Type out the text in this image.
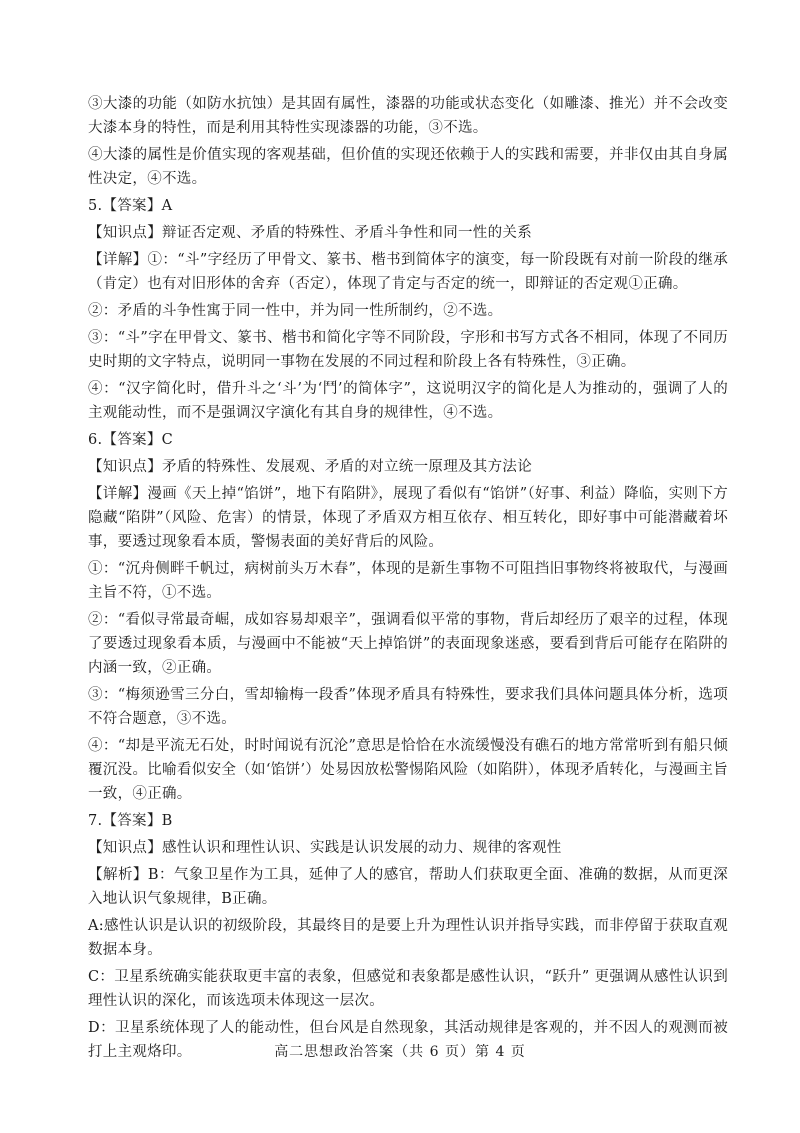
③大漆的功能（如防水抗蚀）是其固有属性，漆器的功能或状态变化（如雕漆、推光）并不会改变大漆本身的特性，而是利用其特性实现漆器的功能，③不选。

④大漆的属性是价值实现的客观基础，但价值的实现还依赖于人的实践和需要，并非仅由其自身属性决定，④不选。

5.【答案】A

【知识点】辩证否定观、矛盾的特殊性、矛盾斗争性和同一性的关系

【详解】①：“斗”字经历了甲骨文、篆书、楷书到简体字的演变，每一阶段既有对前一阶段的继承（肯定）也有对旧形体的舍弃（否定），体现了肯定与否定的统一，即辩证的否定观①正确。

②：矛盾的斗争性寓于同一性中，并为同一性所制约，②不选。

③：“斗”字在甲骨文、篆书、楷书和简化字等不同阶段，字形和书写方式各不相同，体现了不同历史时期的文字特点，说明同一事物在发展的不同过程和阶段上各有特殊性，③正确。

④：“汉字简化时，借升斗之‘斗’为‘鬥’的简体字”，这说明汉字的简化是人为推动的，强调了人的主观能动性，而不是强调汉字演化有其自身的规律性，④不选。

6.【答案】C

【知识点】矛盾的特殊性、发展观、矛盾的对立统一原理及其方法论

【详解】漫画《天上掉“馅饼”，地下有陷阱》，展现了看似有“馅饼”（好事、利益）降临，实则下方隐藏“陷阱”（风险、危害）的情景，体现了矛盾双方相互依存、相互转化，即好事中可能潜藏着坏事，要透过现象看本质，警惕表面的美好背后的风险。

①：“沉舟侧畔千帆过，病树前头万木春”，体现的是新生事物不可阻挡旧事物终将被取代，与漫画主旨不符，①不选。

②：“看似寻常最奇崛，成如容易却艰辛”，强调看似平常的事物，背后却经历了艰辛的过程，体现了要透过现象看本质，与漫画中不能被“天上掉馅饼”的表面现象迷惑，要看到背后可能存在陷阱的内涵一致，②正确。

③：“梅须逊雪三分白，雪却输梅一段香”体现矛盾具有特殊性，要求我们具体问题具体分析，选项不符合题意，③不选。

④：“却是平流无石处，时时闻说有沉沦”意思是恰恰在水流缓慢没有礁石的地方常常听到有船只倾覆沉没。比喻看似安全（如‘馅饼’）处易因放松警惕陷风险（如陷阱），体现矛盾转化，与漫画主旨一致，④正确。

7.【答案】B

【知识点】感性认识和理性认识、实践是认识发展的动力、规律的客观性

【解析】B：气象卫星作为工具，延伸了人的感官，帮助人们获取更全面、准确的数据，从而更深入地认识气象规律，B正确。

A:感性认识是认识的初级阶段，其最终目的是要上升为理性认识并指导实践，而非停留于获取直观数据本身。

C：卫星系统确实能获取更丰富的表象，但感觉和表象都是感性认识，“跃升” 更强调从感性认识到理性认识的深化，而该选项未体现这一层次。

D：卫星系统体现了人的能动性，但台风是自然现象，其活动规律是客观的，并不因人的观测而被打上主观烙印。	高二思想政治答案（共 6 页）第 4 页
